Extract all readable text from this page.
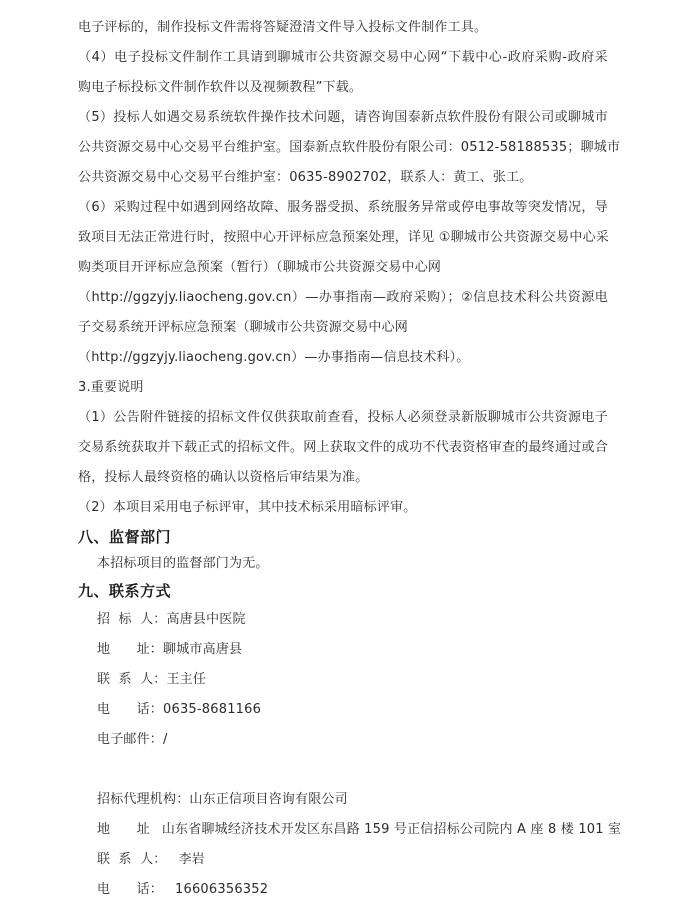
电子评标的，制作投标文件需将答疑澄清文件导入投标文件制作工具。
（4）电子投标文件制作工具请到聊城市公共资源交易中心网“下载中心-政府采购-政府采
购电子标投标文件制作软件以及视频教程”下载。
（5）投标人如遇交易系统软件操作技术问题，请咨询国泰新点软件股份有限公司或聊城市
公共资源交易中心交易平台维护室。国泰新点软件股份有限公司：0512-58188535；聊城市
公共资源交易中心交易平台维护室：0635-8902702，联系人：黄工、张工。
（6）采购过程中如遇到网络故障、服务器受损、系统服务异常或停电事故等突发情况，导
致项目无法正常进行时，按照中心开评标应急预案处理，详见 ①聊城市公共资源交易中心采
购类项目开评标应急预案（暂行）（聊城市公共资源交易中心网
（http://ggzyjy.liaocheng.gov.cn）—办事指南—政府采购）；②信息技术科公共资源电
子交易系统开评标应急预案（聊城市公共资源交易中心网
（http://ggzyjy.liaocheng.gov.cn）—办事指南—信息技术科）。
3.重要说明
（1）公告附件链接的招标文件仅供获取前查看，投标人必须登录新版聊城市公共资源电子
交易系统获取并下载正式的招标文件。网上获取文件的成功不代表资格审查的最终通过或合
格，投标人最终资格的确认以资格后审结果为准。
（2）本项目采用电子标评审，其中技术标采用暗标评审。
八、监督部门
本招标项目的监督部门为无。
九、联系方式
招 标 人：高唐县中医院
地　　址：聊城市高唐县
联 系 人：王主任
电　　话：0635-8681166
电子邮件：/
招标代理机构：山东正信项目咨询有限公司
地　　址 山东省聊城经济技术开发区东昌路 159 号正信招标公司院内 A 座 8 楼 101 室
联 系 人： 李岩
电　　话： 16606356352
